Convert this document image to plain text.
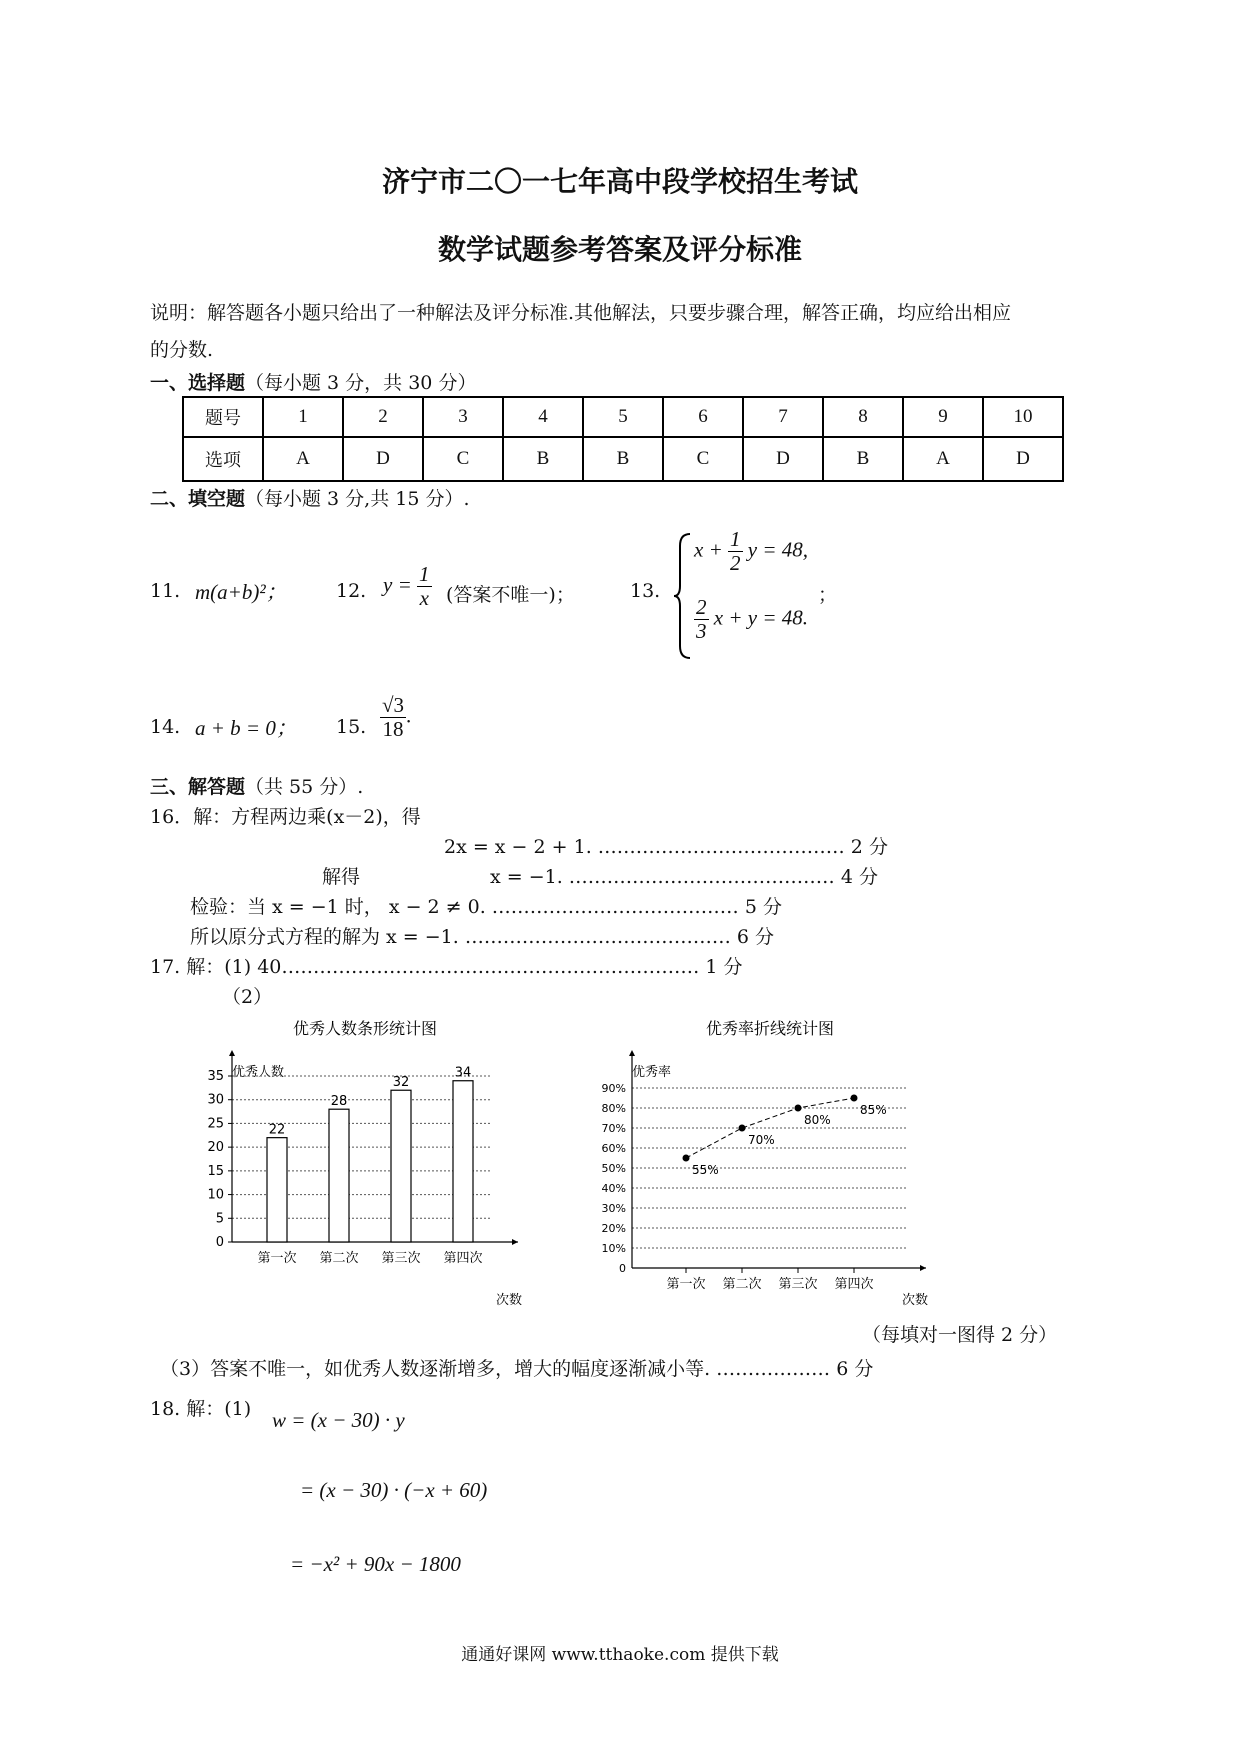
济宁市二〇一七年高中段学校招生考试
数学试题参考答案及评分标准
说明：解答题各小题只给出了一种解法及评分标准.其他解法，只要步骤合理，解答正确，均应给出相应
的分数.
一、选择题（每小题 3 分，共 30 分）
题号	1	2	3	4	5	6	7	8	9	10
选项	A	D	C	B	B	C	D	B	A	D
二、填空题（每小题 3 分,共 15 分）.
11. m(a+b)²；	12. $y = \frac{1}{x}$ (答案不唯一)；	13.
$x + \frac{1}{2}$ y = 48,
$\frac{2}{3}$ x + y = 48.
；
14. a + b = 0； 15. $\frac{√3}{18}$ .
三、解答题（共 55 分）.
16．解：方程两边乘(x－2)，得
2x = x − 2 + 1. ………………………………… 2 分
解得	x = −1. …………………………………… 4 分
检验：当 x = −1 时， x − 2 ≠ 0. ………………………………… 5 分
所以原分式方程的解为 x = −1. …………………………………… 6 分
17. 解：(1) 40………………………………………………………… 1 分
（2）
优秀人数条形统计图
优秀人数
次数
0
5
10
15
20
25
30
35
22
第一次
28
第二次
32
第三次
34
第四次
优秀率折线统计图
优秀率
次数
0
10%
20%
30%
40%
50%
60%
70%
80%
90%
55%
第一次
70%
第二次
80%
第三次
85%
第四次
（每填对一图得 2 分）
（3）答案不唯一，如优秀人数逐渐增多，增大的幅度逐渐减小等. ……………… 6 分
18. 解：(1) w = (x − 30) · y
= (x − 30) · (−x + 60)
= −x² + 90x − 1800
通通好课网 www.tthaoke.com 提供下载
